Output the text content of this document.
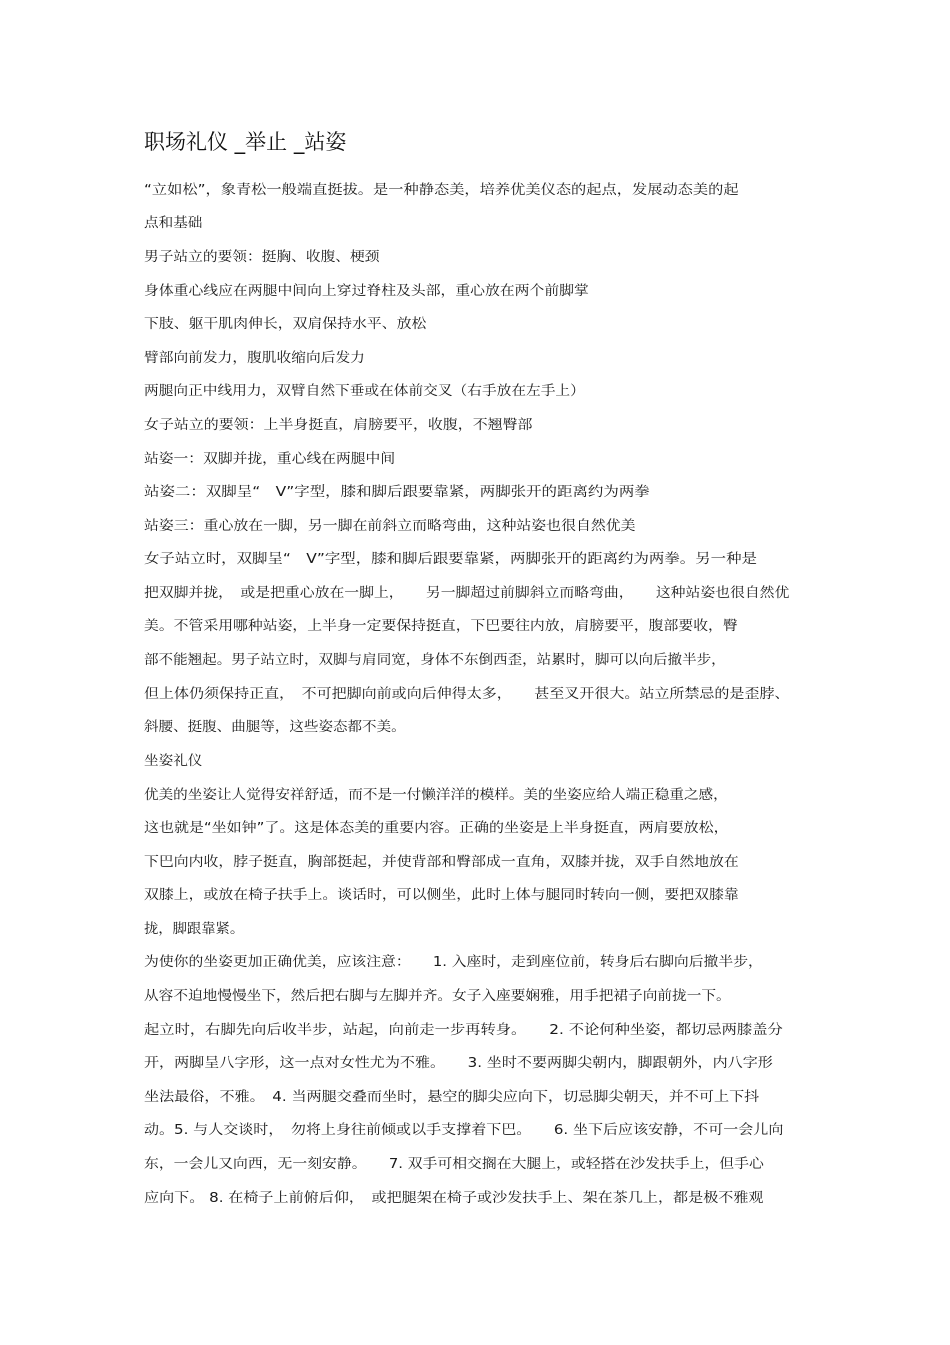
职场礼仪 _举止 _站姿
“立如松”，象青松一般端直挺拔。是一种静态美，培养优美仪态的起点，发展动态美的起
点和基础
男子站立的要领：挺胸、收腹、梗颈
身体重心线应在两腿中间向上穿过脊柱及头部，重心放在两个前脚掌
下肢、躯干肌肉伸长，双肩保持水平、放松
臂部向前发力，腹肌收缩向后发力
两腿向正中线用力，双臂自然下垂或在体前交叉（右手放在左手上）
女子站立的要领：上半身挺直，肩膀要平，收腹，不翘臀部
站姿一：双脚并拢，重心线在两腿中间
站姿二：双脚呈“　V”字型，膝和脚后跟要靠紧，两脚张开的距离约为两拳
站姿三：重心放在一脚，另一脚在前斜立而略弯曲，这种站姿也很自然优美
女子站立时，双脚呈“　V”字型，膝和脚后跟要靠紧，两脚张开的距离约为两拳。另一种是
把双脚并拢，　或是把重心放在一脚上，　　另一脚超过前脚斜立而略弯曲，　　这种站姿也很自然优
美。不管采用哪种站姿，上半身一定要保持挺直，下巴要往内放，肩膀要平，腹部要收，臀
部不能翘起。男子站立时，双脚与肩同宽，身体不东倒西歪，站累时，脚可以向后撤半步，
但上体仍须保持正直，　不可把脚向前或向后伸得太多，　　甚至叉开很大。站立所禁忌的是歪脖、
斜腰、挺腹、曲腿等，这些姿态都不美。
坐姿礼仪
优美的坐姿让人觉得安祥舒适，而不是一付懒洋洋的模样。美的坐姿应给人端正稳重之感，
这也就是“坐如钟”了。这是体态美的重要内容。正确的坐姿是上半身挺直，两肩要放松，
下巴向内收，脖子挺直，胸部挺起，并使背部和臀部成一直角，双膝并拢，双手自然地放在
双膝上，或放在椅子扶手上。谈话时，可以侧坐，此时上体与腿同时转向一侧，要把双膝靠
拢，脚跟靠紧。
为使你的坐姿更加正确优美，应该注意：　　1. 入座时，走到座位前，转身后右脚向后撤半步，
从容不迫地慢慢坐下，然后把右脚与左脚并齐。女子入座要娴雅，用手把裙子向前拢一下。
起立时，右脚先向后收半步，站起，向前走一步再转身。　　2. 不论何种坐姿，都切忌两膝盖分
开，两脚呈八字形，这一点对女性尤为不雅。　　3. 坐时不要两脚尖朝内，脚跟朝外，内八字形
坐法最俗，不雅。　4. 当两腿交叠而坐时，悬空的脚尖应向下，切忌脚尖朝天，并不可上下抖
动。5. 与人交谈时，　勿将上身往前倾或以手支撑着下巴。　　6. 坐下后应该安静，不可一会儿向
东，一会儿又向西，无一刻安静。　　7. 双手可相交搁在大腿上，或轻搭在沙发扶手上，但手心
应向下。 8. 在椅子上前俯后仰，　或把腿架在椅子或沙发扶手上、架在茶几上，都是极不雅观
